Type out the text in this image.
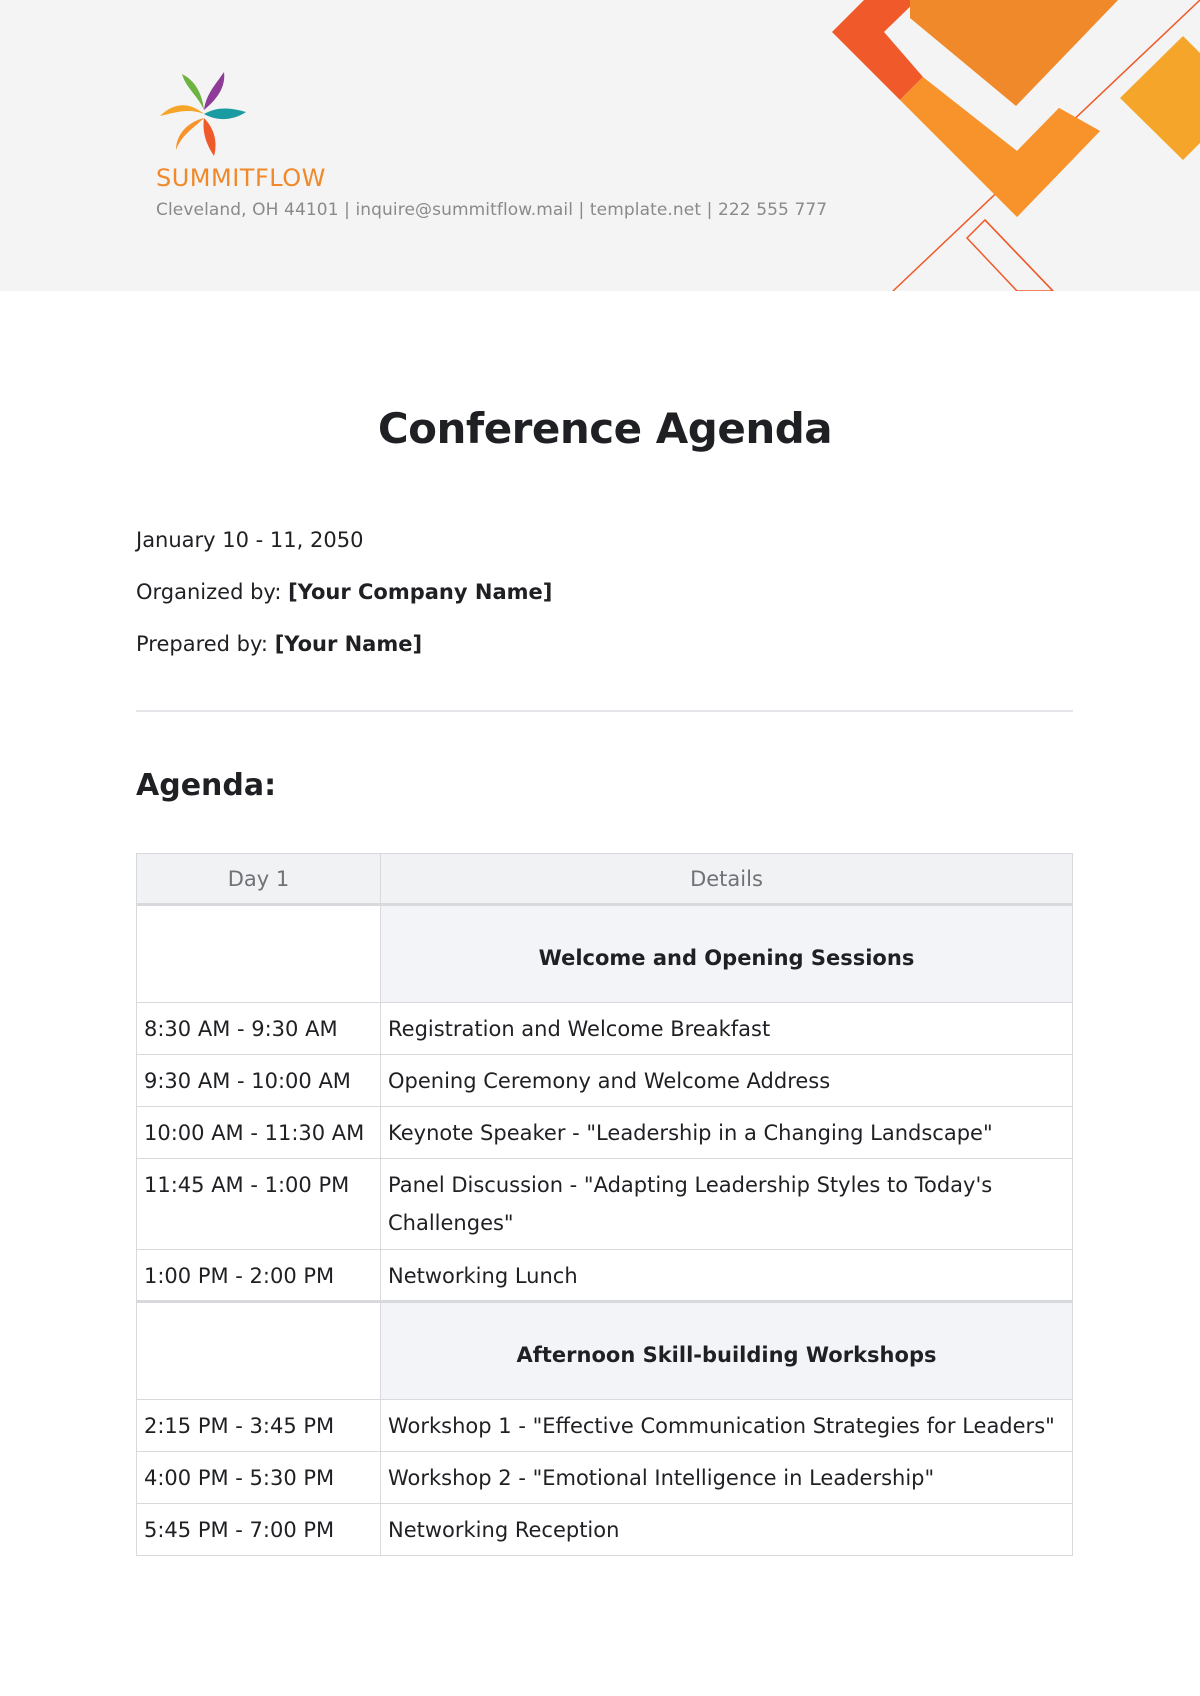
SUMMITFLOW
Cleveland, OH 44101 | inquire@summitflow.mail | template.net | 222 555 777
Conference Agenda
January 10 - 11, 2050
Organized by: [Your Company Name]
Prepared by: [Your Name]
Agenda:
Day 1	Details
	Welcome and Opening Sessions
8:30 AM - 9:30 AM	Registration and Welcome Breakfast
9:30 AM - 10:00 AM	Opening Ceremony and Welcome Address
10:00 AM - 11:30 AM	Keynote Speaker - "Leadership in a Changing Landscape"
11:45 AM - 1:00 PM	Panel Discussion - "Adapting Leadership Styles to Today's Challenges"
1:00 PM - 2:00 PM	Networking Lunch
	Afternoon Skill-building Workshops
2:15 PM - 3:45 PM	Workshop 1 - "Effective Communication Strategies for Leaders"
4:00 PM - 5:30 PM	Workshop 2 - "Emotional Intelligence in Leadership"
5:45 PM - 7:00 PM	Networking Reception
